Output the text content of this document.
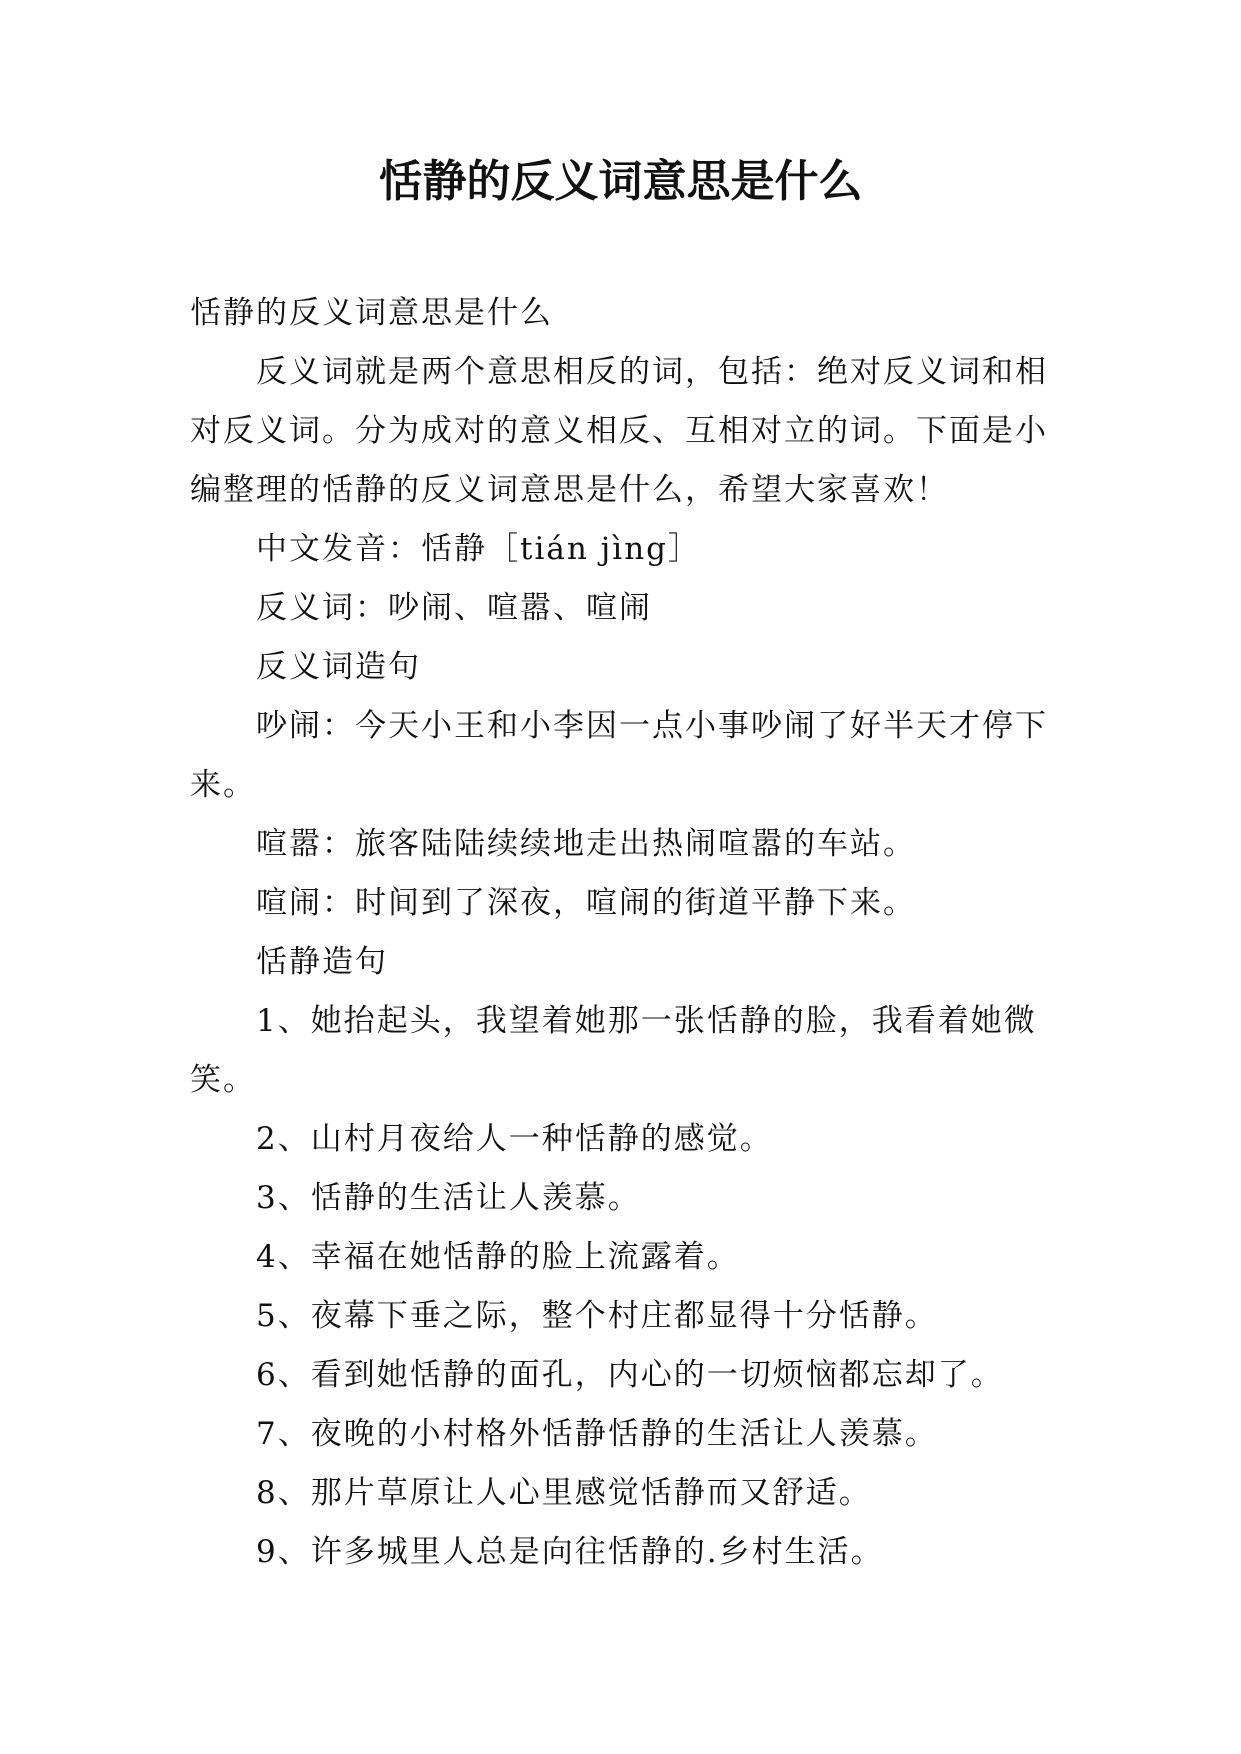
恬静的反义词意思是什么

恬静的反义词意思是什么

反义词就是两个意思相反的词，包括：绝对反义词和相对反义词。分为成对的意义相反、互相对立的词。下面是小编整理的恬静的反义词意思是什么，希望大家喜欢！

中文发音：恬静［tián jìng］

反义词：吵闹、喧嚣、喧闹

反义词造句

吵闹：今天小王和小李因一点小事吵闹了好半天才停下来。

喧嚣：旅客陆陆续续地走出热闹喧嚣的车站。

喧闹：时间到了深夜，喧闹的街道平静下来。

恬静造句

1、她抬起头，我望着她那一张恬静的脸，我看着她微笑。

2、山村月夜给人一种恬静的感觉。

3、恬静的生活让人羡慕。

4、幸福在她恬静的脸上流露着。

5、夜幕下垂之际，整个村庄都显得十分恬静。

6、看到她恬静的面孔，内心的一切烦恼都忘却了。

7、夜晚的小村格外恬静恬静的生活让人羡慕。

8、那片草原让人心里感觉恬静而又舒适。

9、许多城里人总是向往恬静的.乡村生活。
